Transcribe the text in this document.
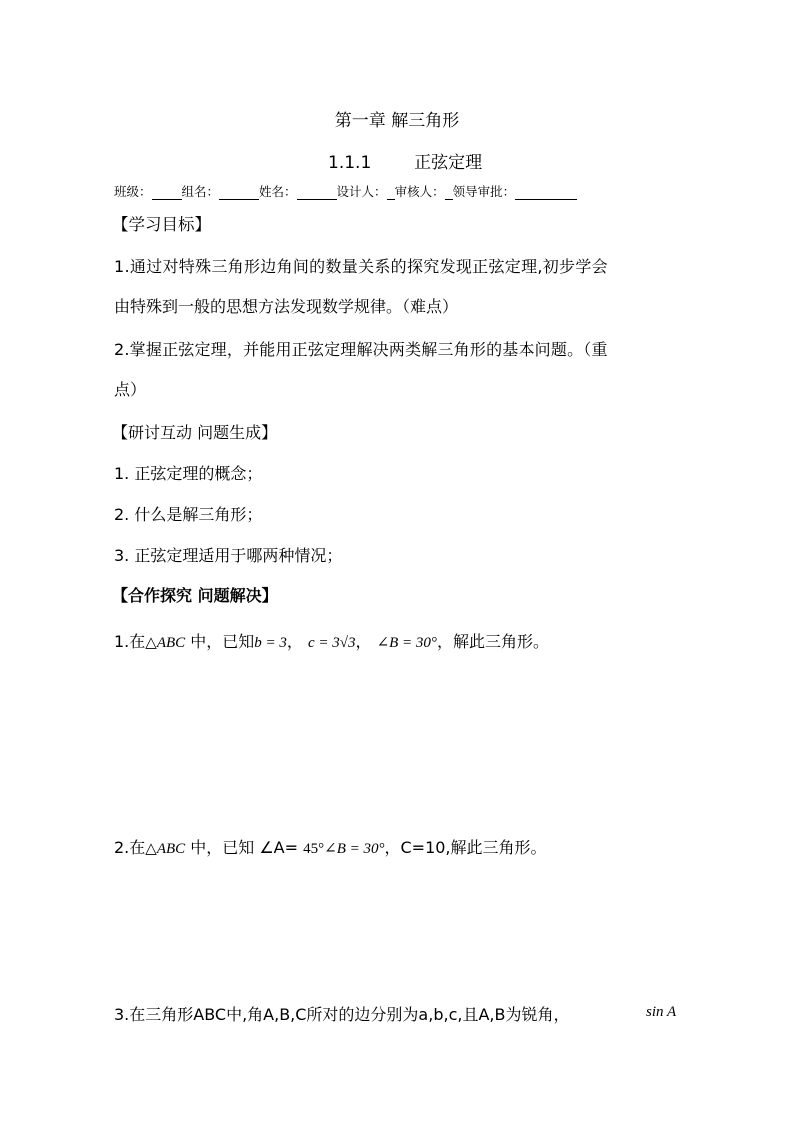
第一章 解三角形
1.1.1	正弦定理
班级： 组名：	姓名：	设计人： 审核人： 领导审批：
【学习目标】
1.通过对特殊三角形边角间的数量关系的探究发现正弦定理,初步学会
由特殊到一般的思想方法发现数学规律。（难点）
2.掌握正弦定理，并能用正弦定理解决两类解三角形的基本问题。（重
点）
【研讨互动 问题生成】
1. 正弦定理的概念；
2. 什么是解三角形；
3. 正弦定理适用于哪两种情况；
【合作探究 问题解决】
1.在△ABC 中，已知b = 3， c = 3√3， ∠B = 30°，解此三角形。
2.在△ABC 中，已知 ∠A= 45°∠B = 30°，C=10,解此三角形。
3.在三角形ABC中,角A,B,C所对的边分别为a,b,c,且A,B为锐角，	sin A
